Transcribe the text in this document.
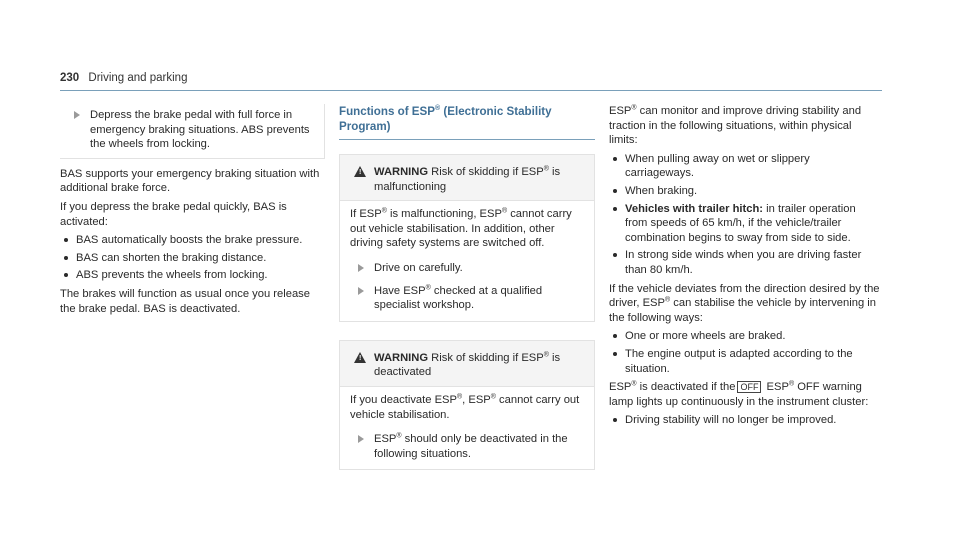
230 Driving and parking
Depress the brake pedal with full force in emergency braking situations. ABS prevents the wheels from locking.

BAS supports your emergency braking situation with additional brake force.

If you depress the brake pedal quickly, BAS is activated:

BAS automatically boosts the brake pressure.
BAS can shorten the braking distance.
ABS prevents the wheels from locking.

The brakes will function as usual once you release the brake pedal. BAS is deactivated.

Functions of ESP® (Electronic Stability Program)

! WARNING Risk of skidding if ESP® is malfunctioning

If ESP® is malfunctioning, ESP® cannot carry out vehicle stabilisation. In addition, other driving safety systems are switched off.

Drive on carefully.
Have ESP® checked at a qualified specialist workshop.
! WARNING Risk of skidding if ESP® is deactivated

If you deactivate ESP®, ESP® cannot carry out vehicle stabilisation.

ESP® should only be deactivated in the following situations.

ESP® can monitor and improve driving stability and traction in the following situations, within physical limits:

When pulling away on wet or slippery carriageways.
When braking.
Vehicles with trailer hitch: in trailer operation from speeds of 65 km/h, if the vehicle/trailer combination begins to sway from side to side.
In strong side winds when you are driving faster than 80 km/h.

If the vehicle deviates from the direction desired by the driver, ESP® can stabilise the vehicle by intervening in the following ways:

One or more wheels are braked.
The engine output is adapted according to the situation.

ESP® is deactivated if the OFF ESP® OFF warning lamp lights up continuously in the instrument cluster:

Driving stability will no longer be improved.
